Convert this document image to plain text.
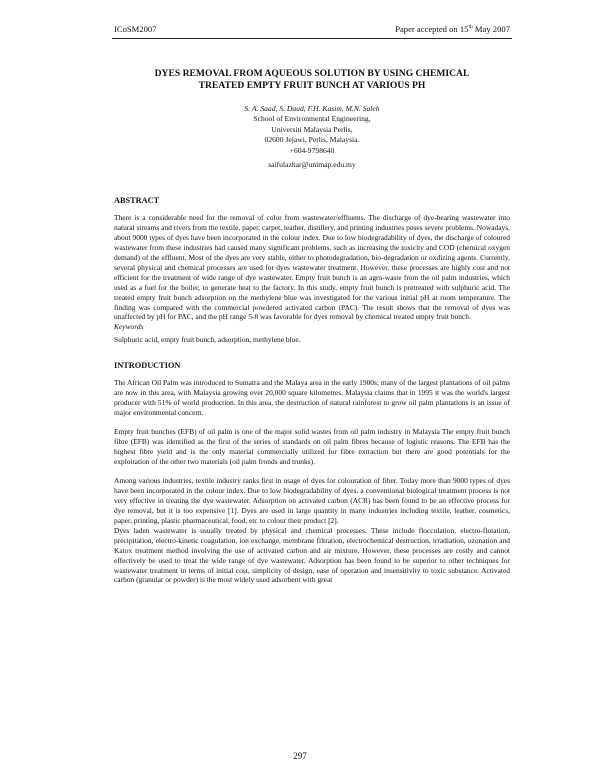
ICoSM2007	Paper accepted on 15th May 2007
DYES REMOVAL FROM AQUEOUS SOLUTION BY USING CHEMICAL
TREATED EMPTY FRUIT BUNCH AT VARIOUS PH
S. A. Saad, S. Daud, F.H. Kasim, M.N. Saleh
School of Environmental Engineering,
Universiti Malaysia Perlis,
02600 Jejawi, Perlis, Malaysia.
+604-9798640
saifulazhar@unimap.edu.my
ABSTRACT

There is a considerable need for the removal of color from wastewater/effluents. The discharge of dye-bearing wastewater into natural streams and rivers from the textile, paper, carpet, leather, distillery, and printing industries poses severe problems. Nowadays, about 9000 types of dyes have been incorporated in the colour index. Due to low biodegradability of dyes, the discharge of coloured wastewater from these industries had caused many significant problems, such as increasing the toxicity and COD (chemical oxygen demand) of the effluent. Most of the dyes are very stable, either to photodegradation, bio-degradation or oxdizing agents. Currently, several physical and chemical processes are used for dyes wastewater treatment. However, these processes are highly cost and not efficient for the treatment of wide range of dye wastewater. Empty fruit bunch is an agro-waste from the oil palm industries, which used as a fuel for the boiler, to generate heat to the factory. In this study, empty fruit bunch is pretreated with sulphuric acid. The treated empty fruit bunch adsorption on the methylene blue was investigated for the various initial pH at room temperature. The finding was compared with the commercial powdered activated carbon (PAC). The result shows that the removal of dyes was unaffected by pH for PAC, and the pH range 5-8 was favorable for dyes removal by chemical treated empty fruit bunch.

Keywords

Sulphuric acid, empty fruit bunch, adsorption, methylene blue.

INTRODUCTION

The African Oil Palm was introduced to Sumatra and the Malaya area in the early 1900s; many of the largest plantations of oil palms are now in this area, with Malaysia growing over 20,000 square kilometres. Malaysia claims that in 1995 it was the world's largest producer with 51% of world production. In this area, the destruction of natural rainforest to grow oil palm plantations is an issue of major environmental concern.

Empty fruit bunches (EFB) of oil palm is one of the major solid wastes from oil palm industry in Malaysia The empty fruit bunch fibre (EFB) was identified as the first of the series of standards on oil palm fibres because of logistic reasons. The EFB has the highest fibre yield and is the only material commercially utilized for fibre extraction but there are good potentials for the exploitation of the other two materials (oil palm fronds and trunks).

Among various industries, textile industry ranks first in usage of dyes for colouration of fiber. Today more than 9000 types of dyes have been incorporated in the colour index. Due to low biodegradability of dyes, a conventional biological treatment process is not very effective in treating the dye wastewater. Adsorption on activated carbon (ACR) has been found to be an effective process for dye removal, but it is too expensive [1]. Dyes are used in large quantity in many industries including textile, leather, cosmetics, paper, printing, plastic pharmaceutical, food, etc to colour their product [2].

Dyes laden wastewater is usually treated by physical and chemical processes. These include flocculation, electro-flotation, precipitation, electro-kinetic coagulation, ion exchange, membrane filtration, electrochemical destruction, irradiation, ozonation and Katox treatment method involving the use of activated carbon and air mixture. However, these processes are costly and cannot effectively be used to treat the wide range of dye wastewater. Adsorption has been found to be superior to other techniques for wastewater treatment in terms of initial cost, simplicity of design, ease of operation and insensitivity to toxic substance. Activated carbon (granular or powder) is the most widely used adsorbent with great

297
